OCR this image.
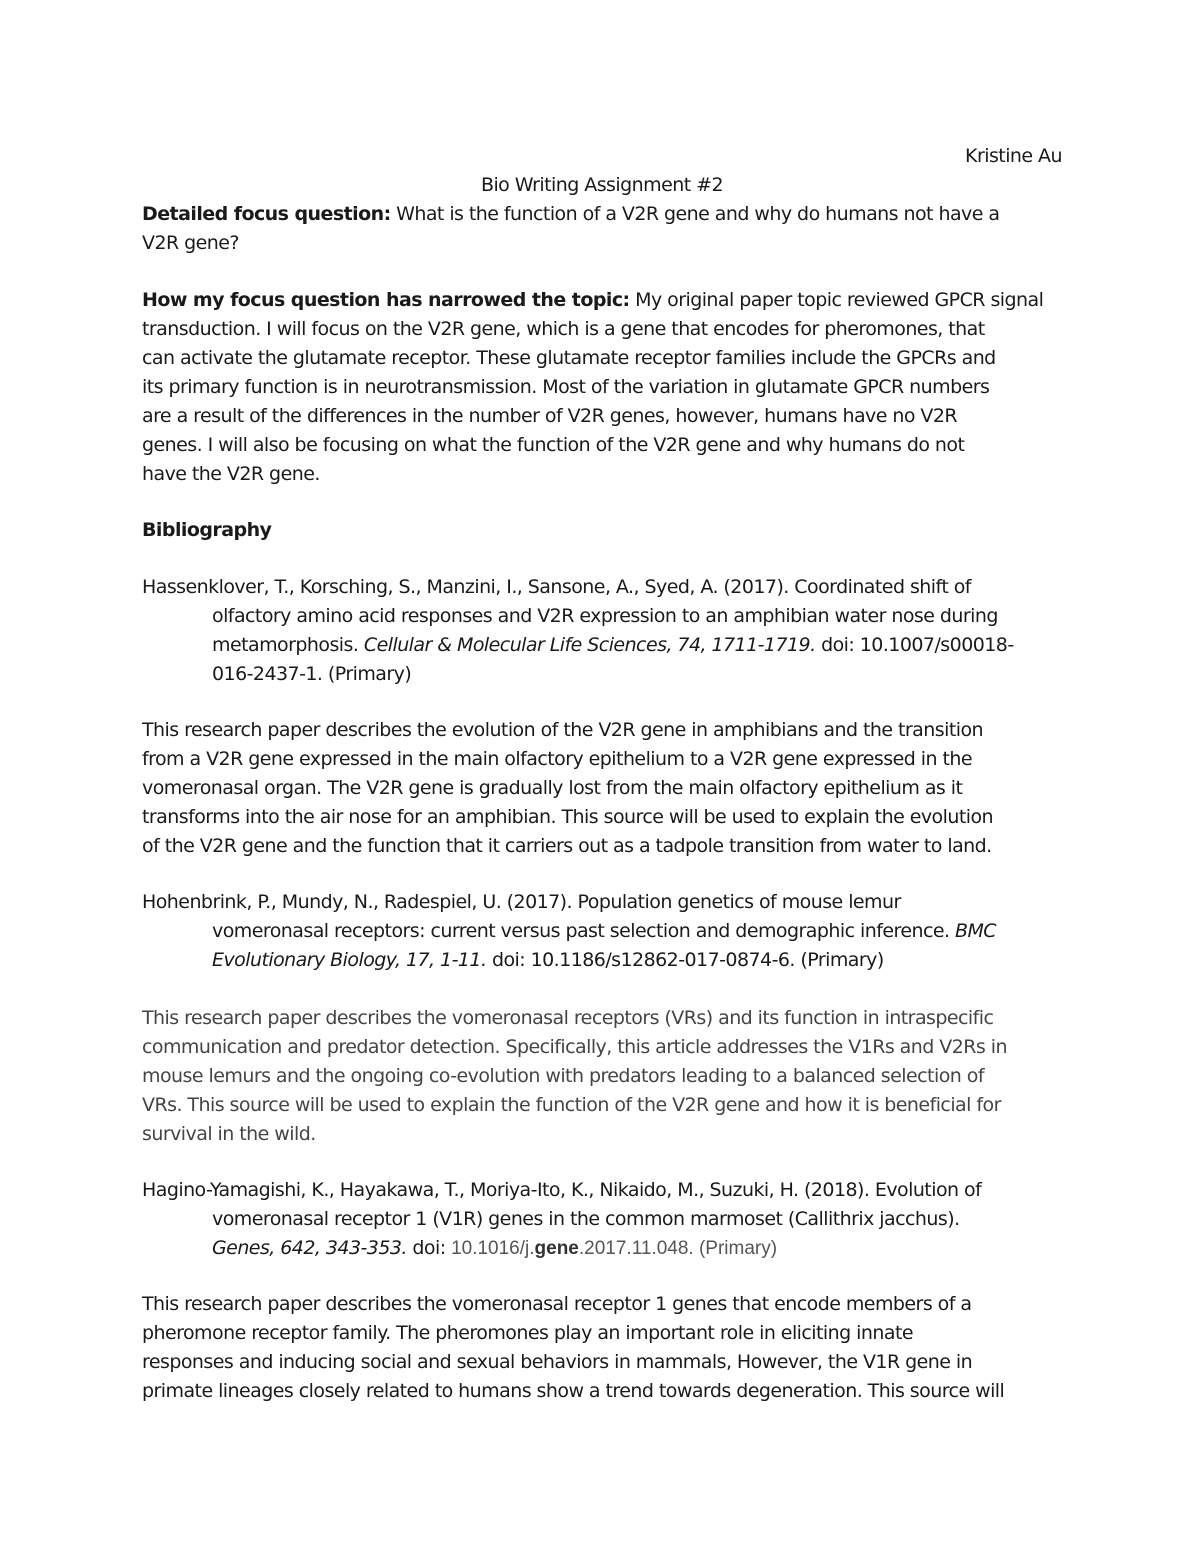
Kristine Au
Bio Writing Assignment #2
Detailed focus question: What is the function of a V2R gene and why do humans not have a
V2R gene?
How my focus question has narrowed the topic: My original paper topic reviewed GPCR signal
transduction. I will focus on the V2R gene, which is a gene that encodes for pheromones, that
can activate the glutamate receptor. These glutamate receptor families include the GPCRs and
its primary function is in neurotransmission. Most of the variation in glutamate GPCR numbers
are a result of the differences in the number of V2R genes, however, humans have no V2R
genes. I will also be focusing on what the function of the V2R gene and why humans do not
have the V2R gene.
Bibliography
Hassenklover, T., Korsching, S., Manzini, I., Sansone, A., Syed, A. (2017). Coordinated shift of
olfactory amino acid responses and V2R expression to an amphibian water nose during
metamorphosis. Cellular & Molecular Life Sciences, 74, 1711-1719. doi: 10.1007/s00018-
016-2437-1. (Primary)
This research paper describes the evolution of the V2R gene in amphibians and the transition
from a V2R gene expressed in the main olfactory epithelium to a V2R gene expressed in the
vomeronasal organ. The V2R gene is gradually lost from the main olfactory epithelium as it
transforms into the air nose for an amphibian. This source will be used to explain the evolution
of the V2R gene and the function that it carriers out as a tadpole transition from water to land.
Hohenbrink, P., Mundy, N., Radespiel, U. (2017). Population genetics of mouse lemur
vomeronasal receptors: current versus past selection and demographic inference. BMC
Evolutionary Biology, 17, 1-11. doi: 10.1186/s12862-017-0874-6. (Primary)
This research paper describes the vomeronasal receptors (VRs) and its function in intraspecific
communication and predator detection. Specifically, this article addresses the V1Rs and V2Rs in
mouse lemurs and the ongoing co-evolution with predators leading to a balanced selection of
VRs. This source will be used to explain the function of the V2R gene and how it is beneficial for
survival in the wild.
Hagino-Yamagishi, K., Hayakawa, T., Moriya-Ito, K., Nikaido, M., Suzuki, H. (2018). Evolution of
vomeronasal receptor 1 (V1R) genes in the common marmoset (Callithrix jacchus).
Genes, 642, 343-353. doi: 10.1016/j.gene.2017.11.048. (Primary)
This research paper describes the vomeronasal receptor 1 genes that encode members of a
pheromone receptor family. The pheromones play an important role in eliciting innate
responses and inducing social and sexual behaviors in mammals, However, the V1R gene in
primate lineages closely related to humans show a trend towards degeneration. This source will
